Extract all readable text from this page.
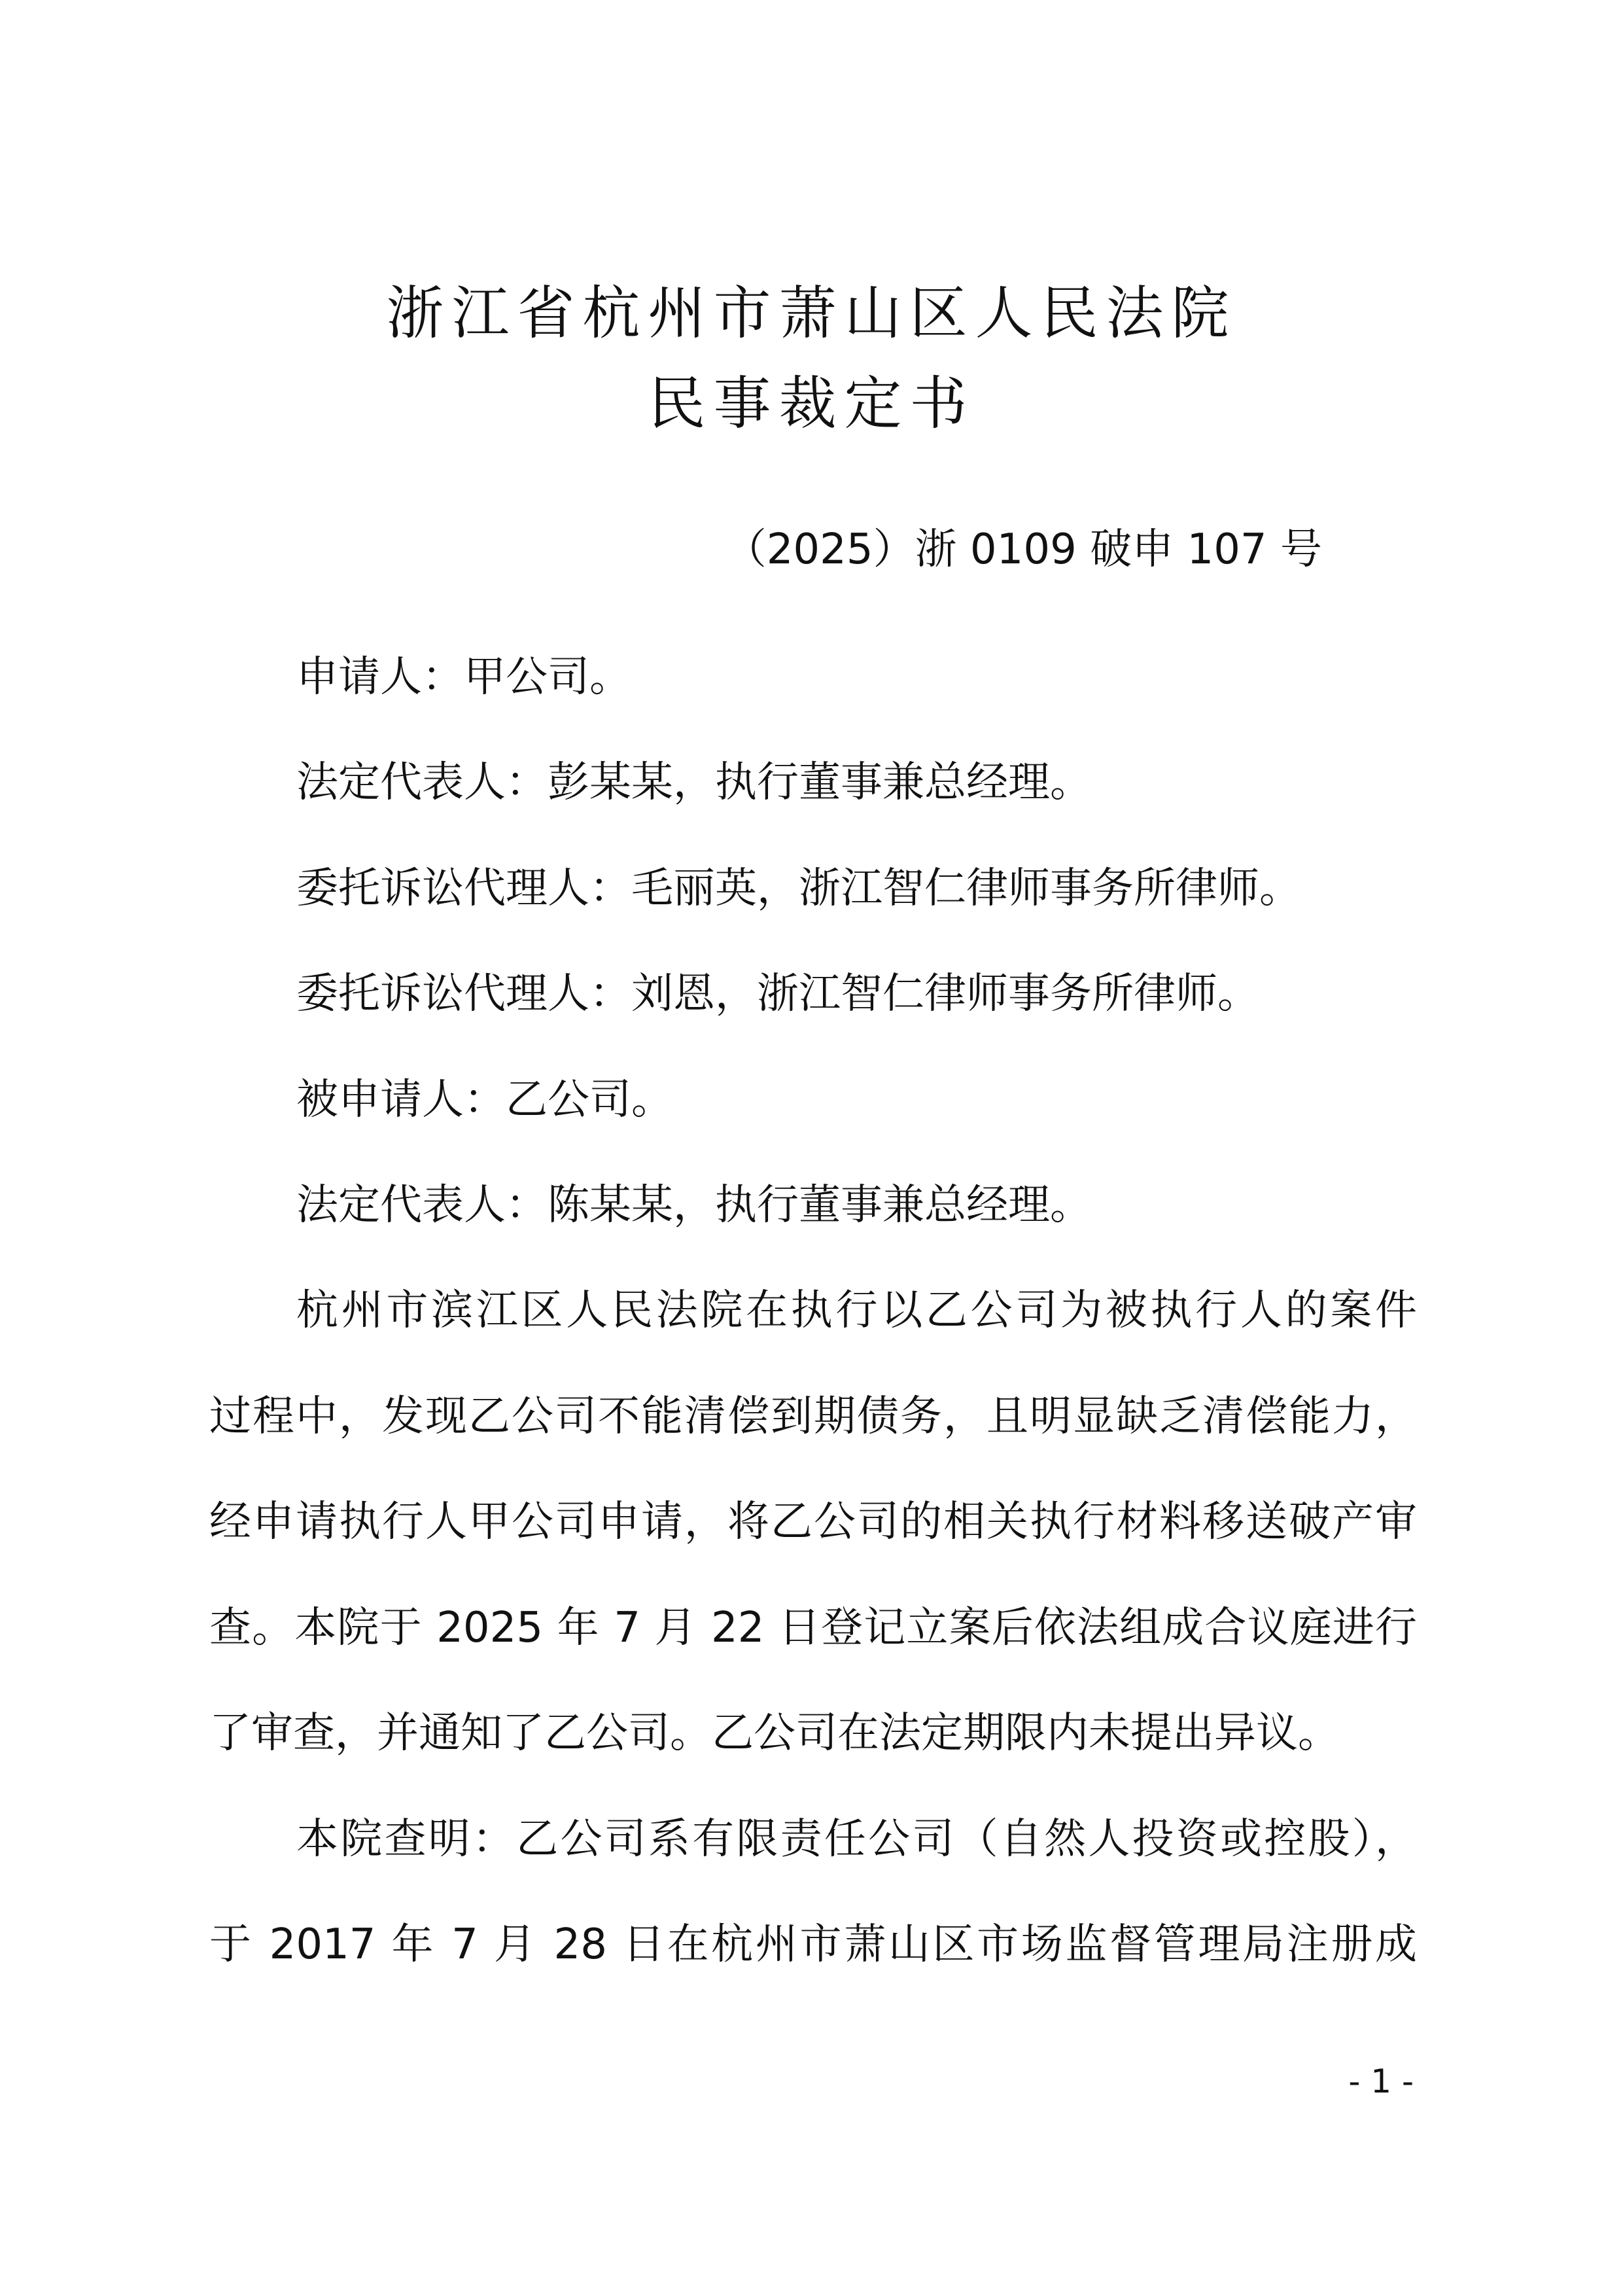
浙江省杭州市萧山区人民法院
民事裁定书
（2025）浙 0109 破申 107 号
申请人：甲公司。
法定代表人：彭某某，执行董事兼总经理。
委托诉讼代理人：毛丽英，浙江智仁律师事务所律师。
委托诉讼代理人：刘恩，浙江智仁律师事务所律师。
被申请人：乙公司。
法定代表人：陈某某，执行董事兼总经理。
杭州市滨江区人民法院在执行以乙公司为被执行人的案件
过程中，发现乙公司不能清偿到期债务，且明显缺乏清偿能力，
经申请执行人甲公司申请，将乙公司的相关执行材料移送破产审
查。本院于 2025 年 7 月 22 日登记立案后依法组成合议庭进行
了审查，并通知了乙公司。乙公司在法定期限内未提出异议。
本院查明：乙公司系有限责任公司（自然人投资或控股），
于 2017 年 7 月 28 日在杭州市萧山区市场监督管理局注册成
- 1 -
